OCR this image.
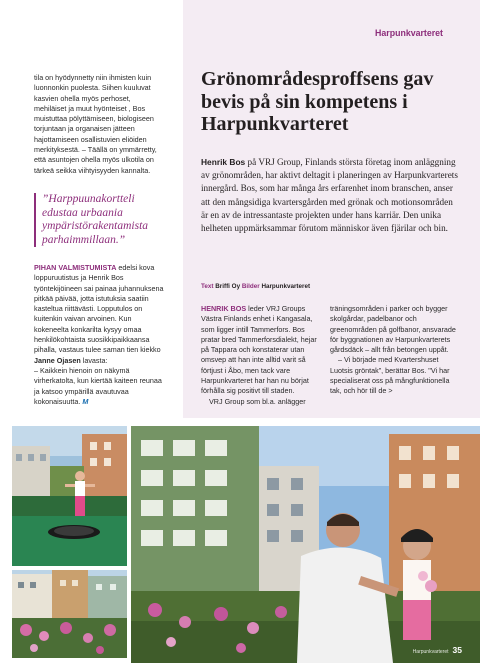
Harpunkvarteret

tila on hyödynnetty niin ihmisten kuin luonnonkin puolesta. Siihen kuuluvat kasvien ohella myös perhoset, mehiläiset ja muut hyönteiset , Bos muistuttaa pölyttämiseen, biologiseen torjuntaan ja organaisen jätteen hajottamiseen osallistuvien eliöiden merkityksestä. – Täällä on ymmärretty, että asuntojen ohella myös ulkotila on tärkeä seikka viihtyisyyden kannalta.

”Harppuunakortteli edustaa urbaania ympäristörakentamista parhaimmillaan.”

PIHAN VALMISTUMISTA edelsi kova loppuruutistus ja Henrik Bos työntekijöineen sai painaa juhannuksena pitkää päivää, jotta istutuksia saatiin kasteltua riittävästi. Lopputulos on kuitenkin vaivan arvoinen. Kun kokeneelta konkarilta kysyy omaa henkilökohtaista suosikkipaikkaansa pihalla, vastaus tulee saman tien kiekko Janne Ojasen lavasta:

– Kaikkein hienoin on näkymä virherkatolta, kun kiertää kaiteen reunaa ja katsoo ympärillä avautuvaa kokonaisuutta. M

Grönområdesproffsens gav bevis på sin kompetens i Harpunkvarteret

Henrik Bos på VRJ Group, Finlands största företag inom anläggning av grönområden, har aktivt deltagit i planeringen av Harpunkvarterets innergård. Bos, som har många års erfarenhet inom branschen, anser att den mångsidiga kvartersgården med grönak och motionsområden är en av de intressantaste projekten under hans karriär. Den unika helheten uppmärksammar förutom människor även fjärilar och bin.

Text Briffi Oy Bilder Harpunkvarteret

HENRIK BOS leder VRJ Groups Västra Finlands enhet i Kangasala, som ligger intill Tammerfors. Bos pratar bred Tammerforsdialekt, hejar på Tappara och konstaterar utan omsvep att han inte alltid varit så förtjust i Åbo, men tack vare Harpunkvarteret har han nu börjat förhålla sig positivt till staden.

VRJ Group som bl.a. anlägger

träningsområden i parker och bygger skolgårdar, padelbanor och greenområden på golfbanor, ansvarade för byggnationen av Harpunkvarterets gårdsdäck – allt från betongen uppåt.

– Vi började med Kvartershuset Luotsis gröntak”, berättar Bos. "Vi har specialiserat oss på mångfunktionella tak, och hör till de >

Harpunkvarteret 35
